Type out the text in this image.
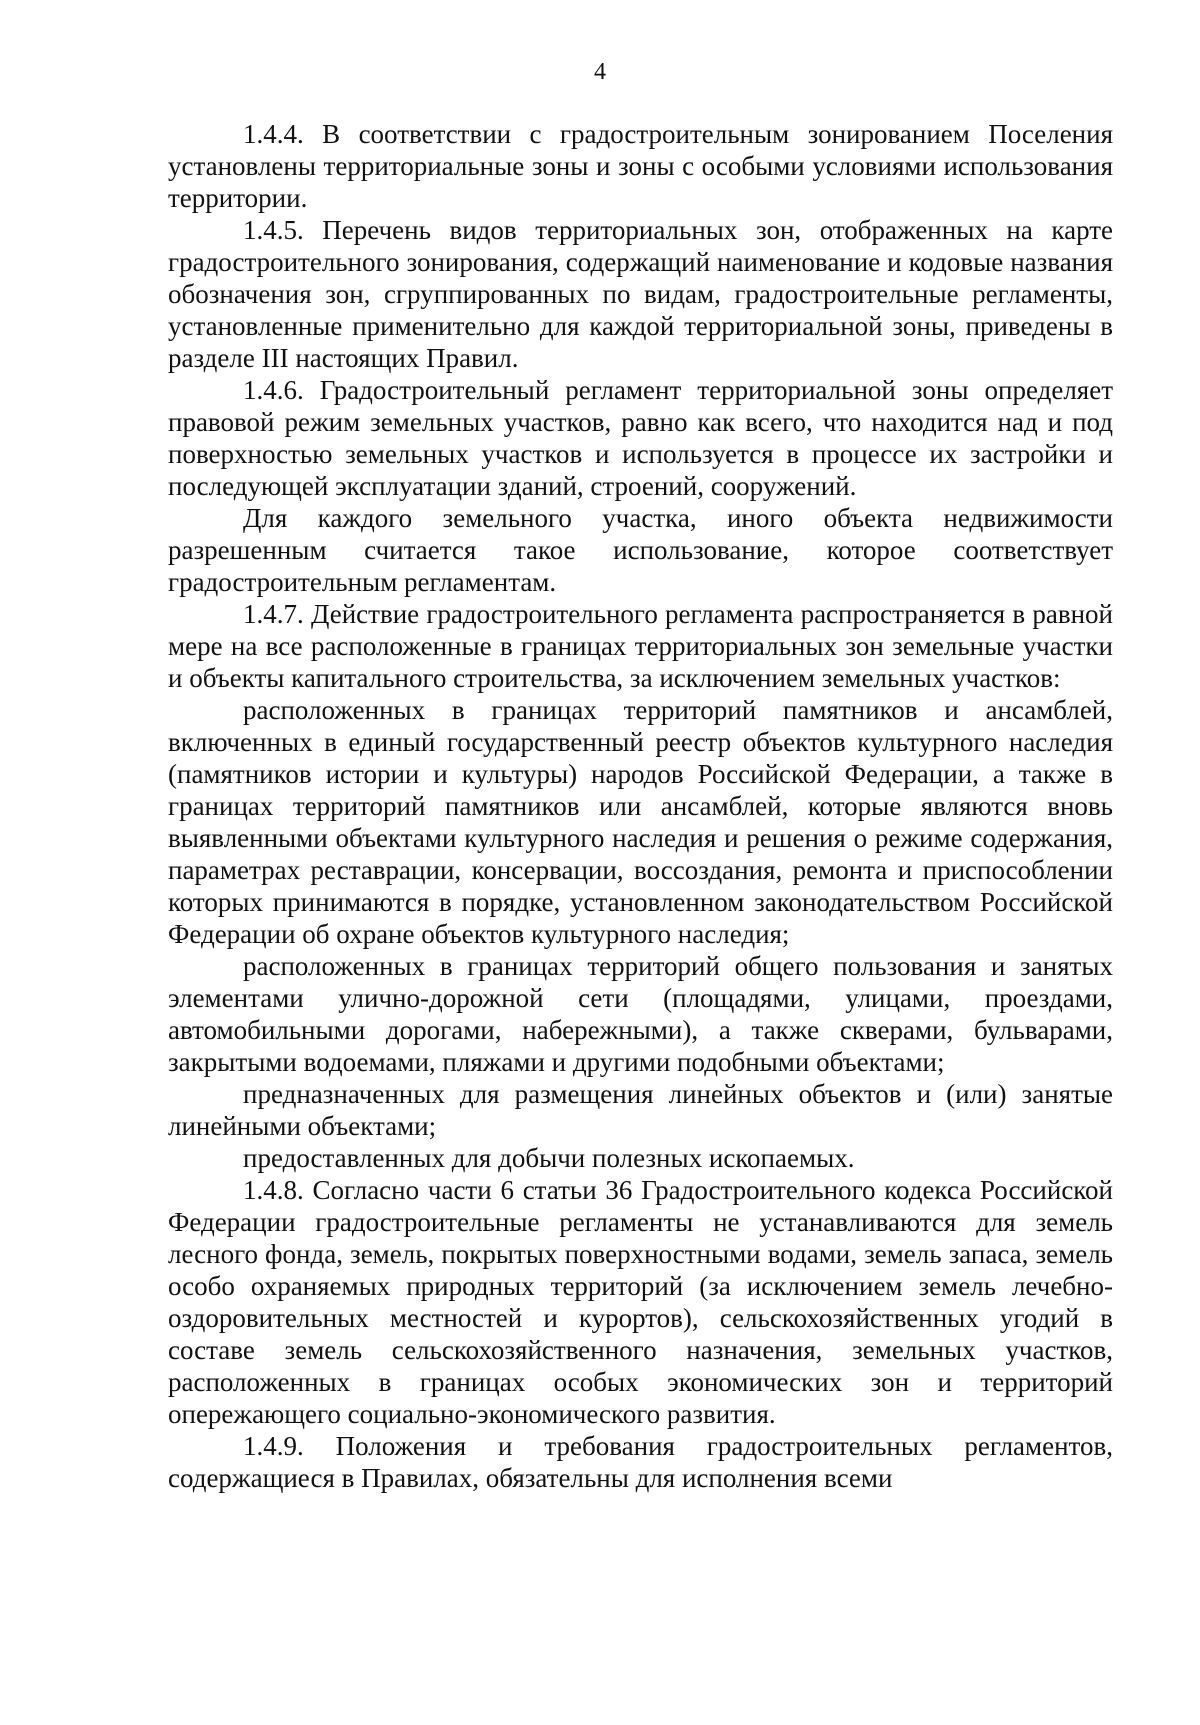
4

1.4.4. В соответствии с градостроительным зонированием Поселения установлены территориальные зоны и зоны с особыми условиями использования территории.

1.4.5. Перечень видов территориальных зон, отображенных на карте градостроительного зонирования, содержащий наименование и кодовые названия обозначения зон, сгруппированных по видам, градостроительные регламенты, установленные применительно для каждой территориальной зоны, приведены в разделе III настоящих Правил.

1.4.6. Градостроительный регламент территориальной зоны определяет правовой режим земельных участков, равно как всего, что находится над и под поверхностью земельных участков и используется в процессе их застройки и последующей эксплуатации зданий, строений, сооружений.

Для каждого земельного участка, иного объекта недвижимости разрешенным считается такое использование, которое соответствует градостроительным регламентам.

1.4.7. Действие градостроительного регламента распространяется в равной мере на все расположенные в границах территориальных зон земельные участки и объекты капитального строительства, за исключением земельных участков:

расположенных в границах территорий памятников и ансамблей, включенных в единый государственный реестр объектов культурного наследия (памятников истории и культуры) народов Российской Федерации, а также в границах территорий памятников или ансамблей, которые являются вновь выявленными объектами культурного наследия и решения о режиме содержания, параметрах реставрации, консервации, воссоздания, ремонта и приспособлении которых принимаются в порядке, установленном законодательством Российской Федерации об охране объектов культурного наследия;

расположенных в границах территорий общего пользования и занятых элементами улично-дорожной сети (площадями, улицами, проездами, автомобильными дорогами, набережными), а также скверами, бульварами, закрытыми водоемами, пляжами и другими подобными объектами;

предназначенных для размещения линейных объектов и (или) занятые линейными объектами;

предоставленных для добычи полезных ископаемых.

1.4.8. Согласно части 6 статьи 36 Градостроительного кодекса Российской Федерации градостроительные регламенты не устанавливаются для земель лесного фонда, земель, покрытых поверхностными водами, земель запаса, земель особо охраняемых природных территорий (за исключением земель лечебно-оздоровительных местностей и курортов), сельскохозяйственных угодий в составе земель сельскохозяйственного назначения, земельных участков, расположенных в границах особых экономических зон и территорий опережающего социально-экономического развития.

1.4.9. Положения и требования градостроительных регламентов, содержащиеся в Правилах, обязательны для исполнения всеми
